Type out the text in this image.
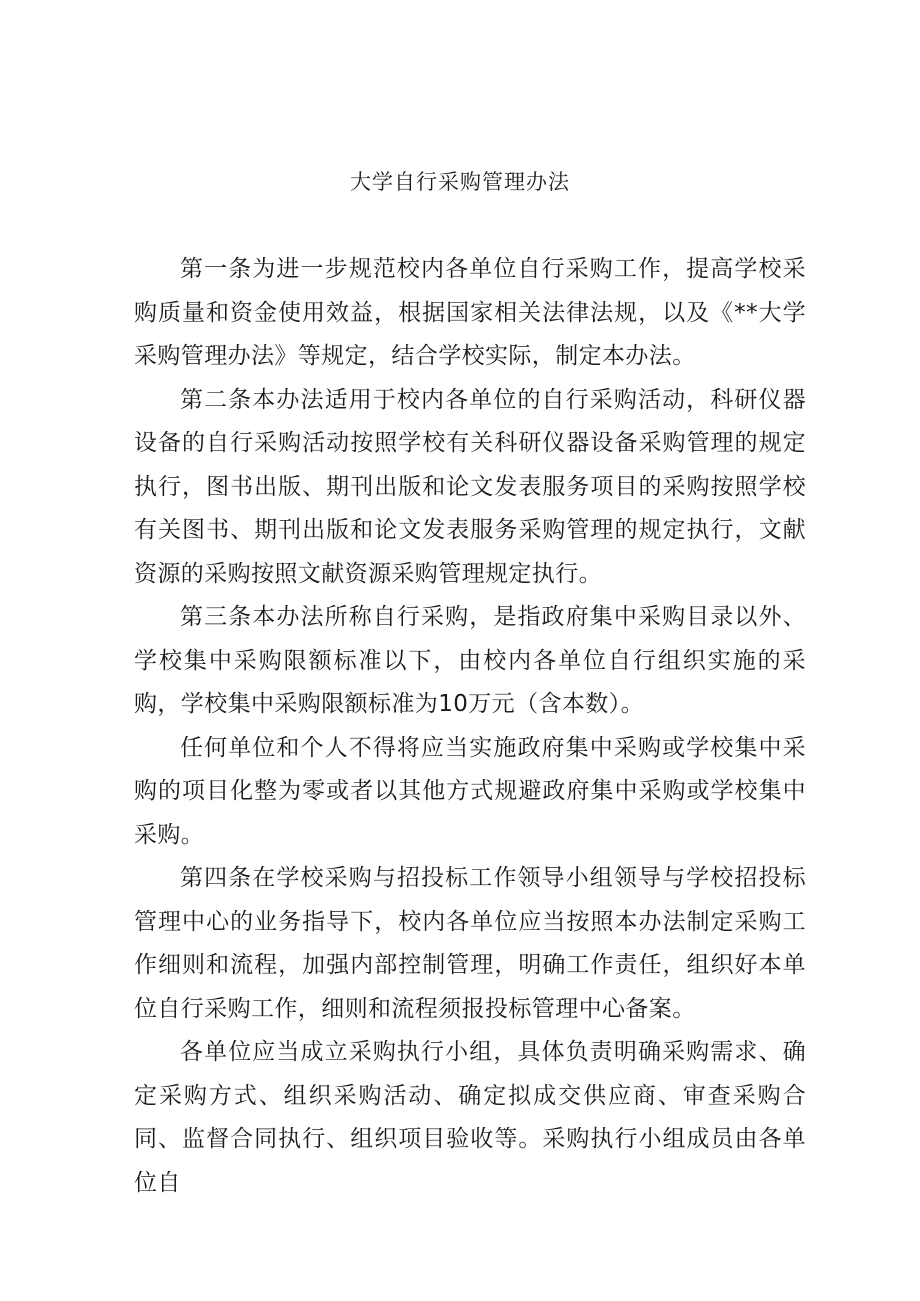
大学自行采购管理办法

第一条为进一步规范校内各单位自行采购工作，提高学校采购质量和资金使用效益，根据国家相关法律法规，以及《**大学采购管理办法》等规定，结合学校实际，制定本办法。

第二条本办法适用于校内各单位的自行采购活动，科研仪器设备的自行采购活动按照学校有关科研仪器设备采购管理的规定执行，图书出版、期刊出版和论文发表服务项目的采购按照学校有关图书、期刊出版和论文发表服务采购管理的规定执行，文献资源的采购按照文献资源采购管理规定执行。

第三条本办法所称自行采购，是指政府集中采购目录以外、学校集中采购限额标准以下，由校内各单位自行组织实施的采购，学校集中采购限额标准为10万元（含本数）。

任何单位和个人不得将应当实施政府集中采购或学校集中采购的项目化整为零或者以其他方式规避政府集中采购或学校集中采购。

第四条在学校采购与招投标工作领导小组领导与学校招投标管理中心的业务指导下，校内各单位应当按照本办法制定采购工作细则和流程，加强内部控制管理，明确工作责任，组织好本单位自行采购工作，细则和流程须报投标管理中心备案。

各单位应当成立采购执行小组，具体负责明确采购需求、确定采购方式、组织采购活动、确定拟成交供应商、审查采购合同、监督合同执行、组织项目验收等。采购执行小组成员由各单位自
